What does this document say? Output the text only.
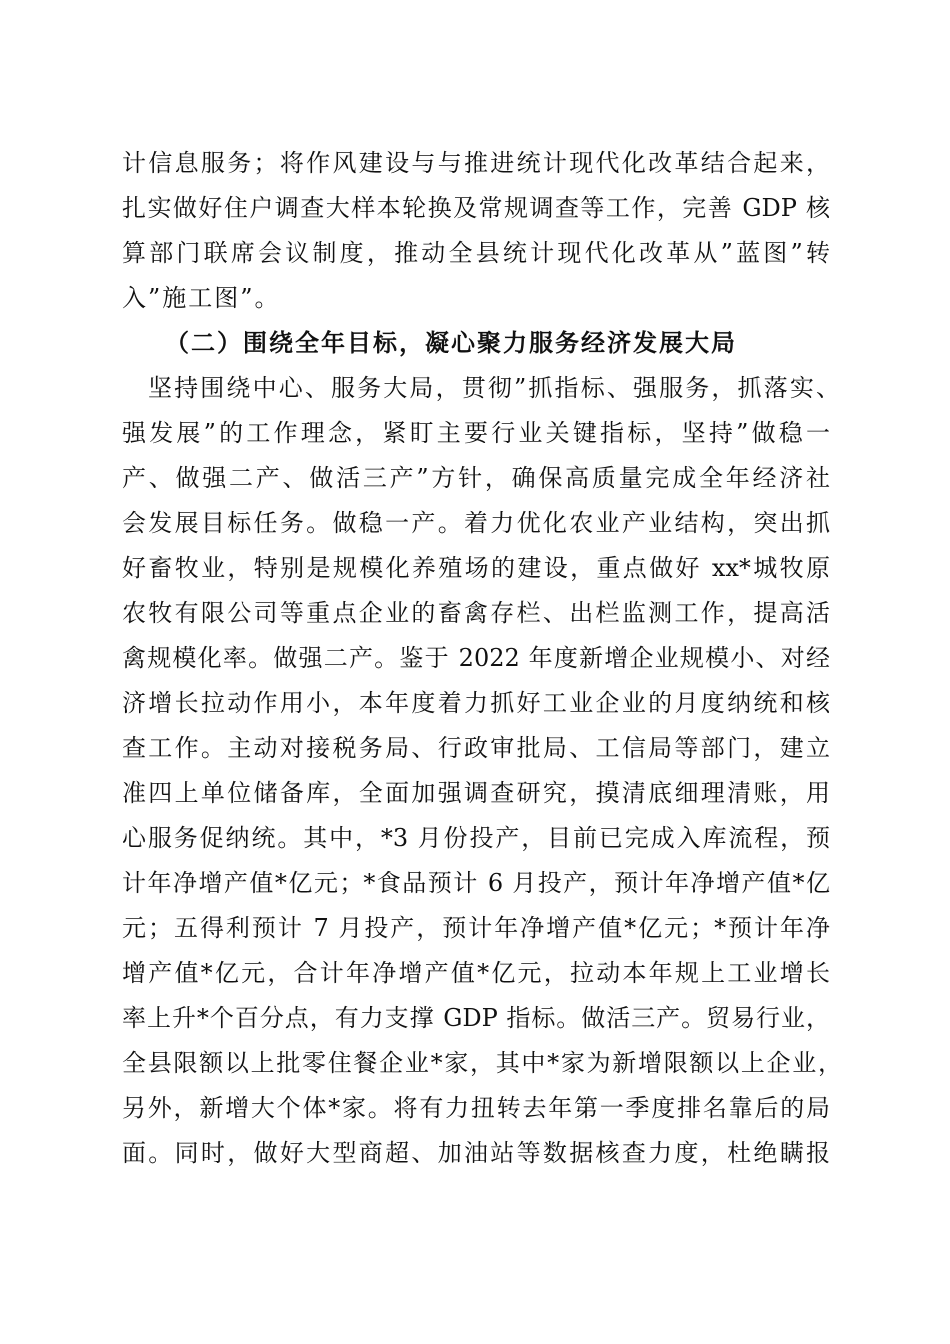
计信息服务；将作风建设与与推进统计现代化改革结合起来，
扎实做好住户调查大样本轮换及常规调查等工作，完善 GDP 核
算部门联席会议制度，推动全县统计现代化改革从”蓝图”转
入”施工图”。
（二）围绕全年目标，凝心聚力服务经济发展大局
坚持围绕中心、服务大局，贯彻”抓指标、强服务，抓落实、
强发展”的工作理念，紧盯主要行业关键指标，坚持”做稳一
产、做强二产、做活三产”方针，确保高质量完成全年经济社
会发展目标任务。做稳一产。着力优化农业产业结构，突出抓
好畜牧业，特别是规模化养殖场的建设，重点做好 xx*城牧原
农牧有限公司等重点企业的畜禽存栏、出栏监测工作，提高活
禽规模化率。做强二产。鉴于 2022 年度新增企业规模小、对经
济增长拉动作用小，本年度着力抓好工业企业的月度纳统和核
查工作。主动对接税务局、行政审批局、工信局等部门，建立
准四上单位储备库，全面加强调查研究，摸清底细理清账，用
心服务促纳统。其中，*3 月份投产，目前已完成入库流程，预
计年净增产值*亿元；*食品预计 6 月投产，预计年净增产值*亿
元；五得利预计 7 月投产，预计年净增产值*亿元；*预计年净
增产值*亿元，合计年净增产值*亿元，拉动本年规上工业增长
率上升*个百分点，有力支撑 GDP 指标。做活三产。贸易行业，
全县限额以上批零住餐企业*家，其中*家为新增限额以上企业，
另外，新增大个体*家。将有力扭转去年第一季度排名靠后的局
面。同时，做好大型商超、加油站等数据核查力度，杜绝瞒报
